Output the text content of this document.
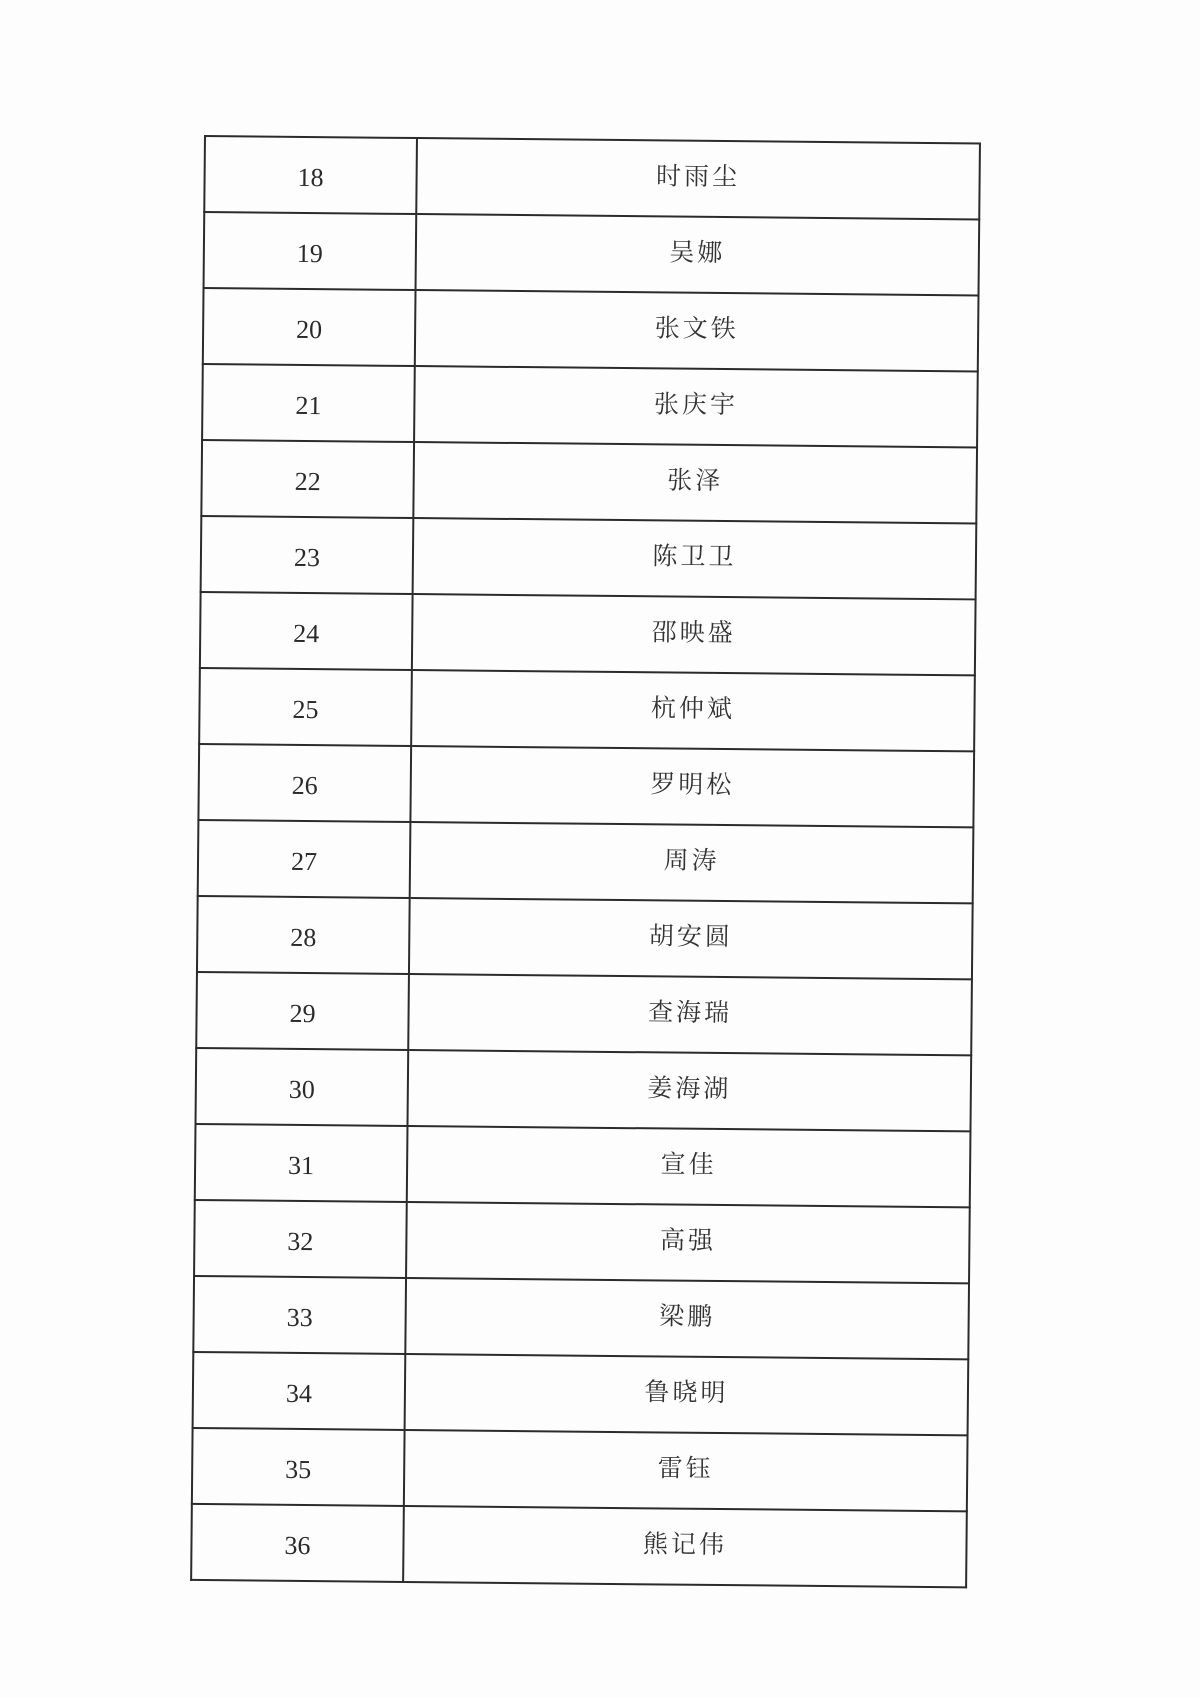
18	时雨尘
19	吴娜
20	张文铁
21	张庆宇
22	张泽
23	陈卫卫
24	邵映盛
25	杭仲斌
26	罗明松
27	周涛
28	胡安圆
29	查海瑞
30	姜海湖
31	宣佳
32	高强
33	梁鹏
34	鲁晓明
35	雷钰
36	熊记伟
